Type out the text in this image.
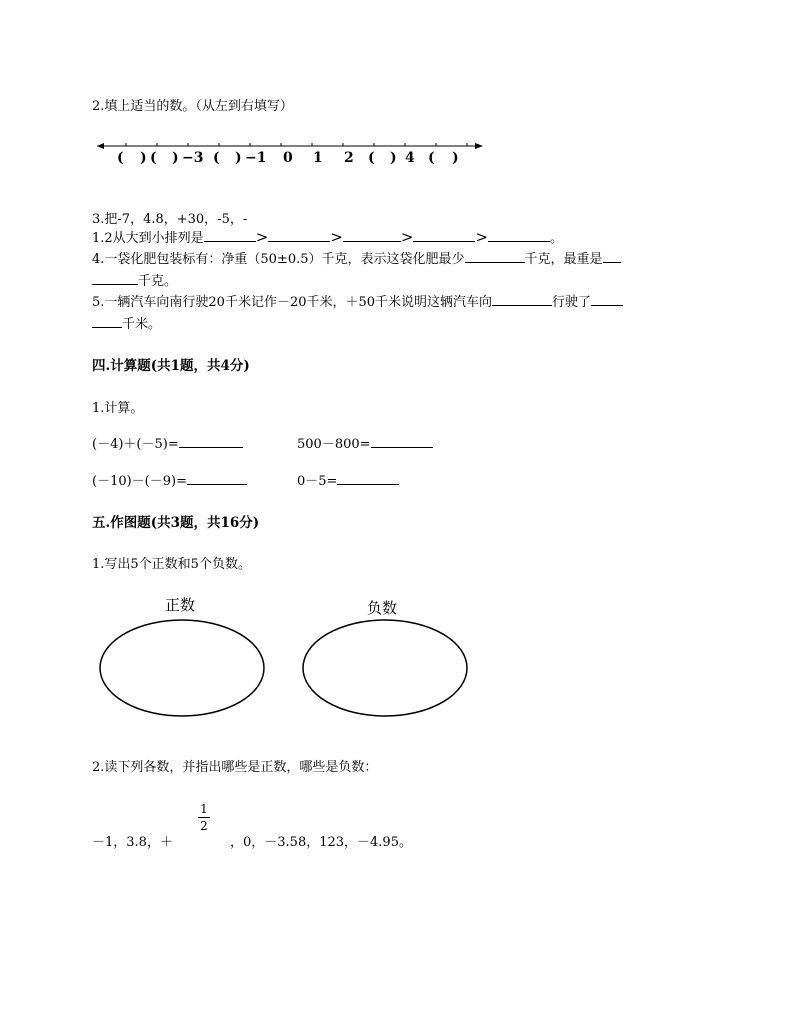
2.填上适当的数。（从左到右填写）
( ) ( ) −3 ( ) −1 0 1 2 ( ) 4 ( )
3.把-7，4.8，+30，-5，-
1.2从大到小排列是	>	>	>	>	。
4.一袋化肥包装标有：净重（50±0.5）千克，表示这袋化肥最少	千克，最重是
千克。
5.一辆汽车向南行驶20千米记作－20千米，＋50千米说明这辆汽车向	行驶了
千米。
四.计算题(共1题，共4分)
1.计算。
(－4)＋(－5)=	500－800=
(－10)－(－9)=	0－5=
五.作图题(共3题，共16分)
1.写出5个正数和5个负数。
正数	负数
2.读下列各数，并指出哪些是正数，哪些是负数：
－1，3.8，＋
1
2
，0，－3.58，123，－4.95。
